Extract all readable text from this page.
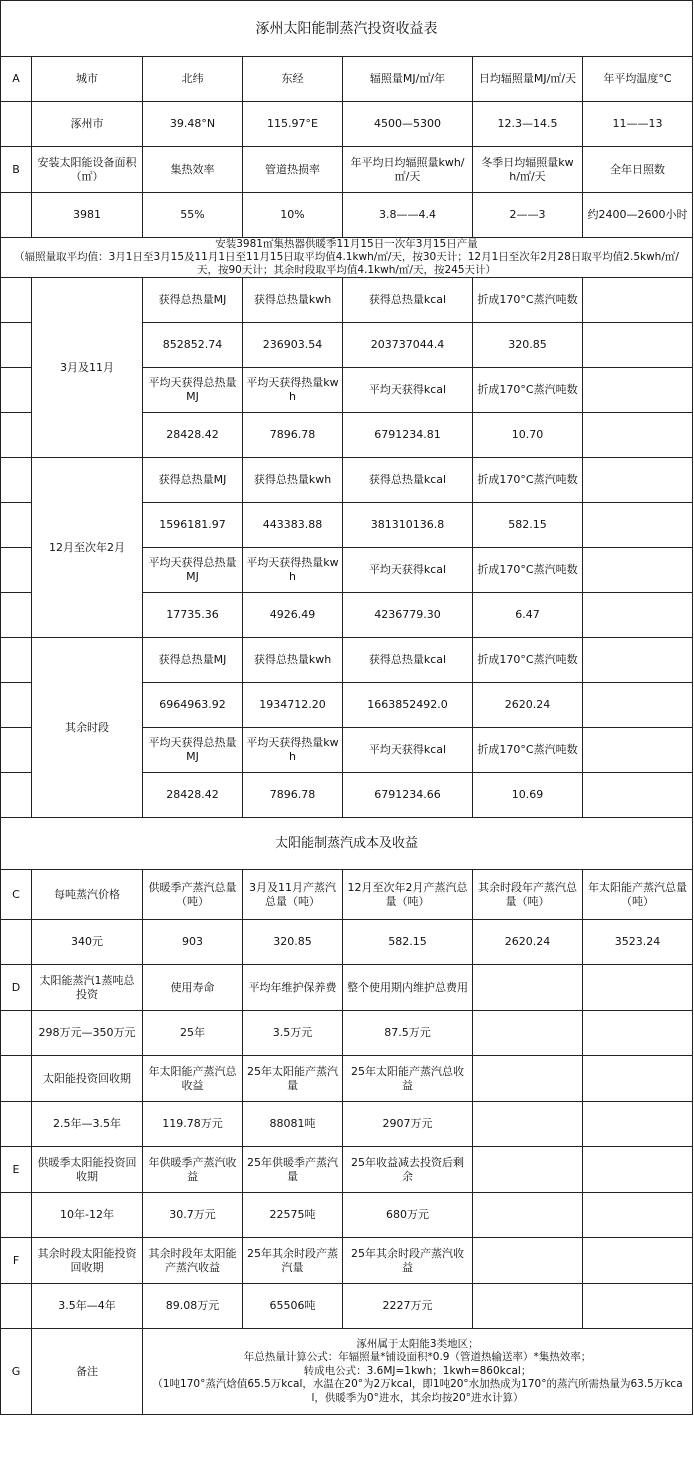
涿州太阳能制蒸汽投资收益表						
A	城市	北纬	东经	辐照量MJ/㎡/年	日均辐照量MJ/㎡/天	年平均温度°C
	涿州市	39.48°N	115.97°E	4500—5300	12.3—14.5	11——13
B	安装太阳能设备面积（㎡）	集热效率	管道热损率	年平均日均辐照量kwh/㎡/天	冬季日均辐照量kwh/㎡/天	全年日照数
	3981	55%	10%	3.8——4.4	2——3	约2400—2600小时

安装3981㎡集热器供暖季11月15日一次年3月15日产量
（辐照量取平均值：3月1日至3月15及11月1日至11月15日取平均值4.1kwh/㎡/天，按30天计；12月1日至次年2月28日取平均值2.5kwh/㎡/天，按90天计；其余时段取平均值4.1kwh/㎡/天，按245天计）						

	3月及11月	获得总热量MJ	获得总热量kwh	获得总热量kcal	折成170°C蒸汽吨数	
		852852.74	236903.54	203737044.4	320.85	
		平均天获得总热量MJ	平均天获得热量kwh	平均天获得kcal	折成170°C蒸汽吨数	
		28428.42	7896.78	6791234.81	10.70	
	12月至次年2月	获得总热量MJ	获得总热量kwh	获得总热量kcal	折成170°C蒸汽吨数	
		1596181.97	443383.88	381310136.8	582.15	
		平均天获得总热量MJ	平均天获得热量kwh	平均天获得kcal	折成170°C蒸汽吨数	
		17735.36	4926.49	4236779.30	6.47	
	其余时段	获得总热量MJ	获得总热量kwh	获得总热量kcal	折成170°C蒸汽吨数	
		6964963.92	1934712.20	1663852492.0	2620.24	
		平均天获得总热量MJ	平均天获得热量kwh	平均天获得kcal	折成170°C蒸汽吨数	
		28428.42	7896.78	6791234.66	10.69	
太阳能制蒸汽成本及收益						
C	每吨蒸汽价格	供暖季产蒸汽总量（吨）	3月及11月产蒸汽总量（吨）	12月至次年2月产蒸汽总量（吨）	其余时段年产蒸汽总量（吨）	年太阳能产蒸汽总量（吨）
	340元	903	320.85	582.15	2620.24	3523.24
D	太阳能蒸汽1蒸吨总投资	使用寿命	平均年维护保养费	整个使用期内维护总费用		
	298万元—350万元	25年	3.5万元	87.5万元		
	太阳能投资回收期	年太阳能产蒸汽总收益	25年太阳能产蒸汽量	25年太阳能产蒸汽总收益		
	2.5年—3.5年	119.78万元	88081吨	2907万元		
E	供暖季太阳能投资回收期	年供暖季产蒸汽收益	25年供暖季产蒸汽量	25年收益减去投资后剩余		
	10年-12年	30.7万元	22575吨	680万元		
F	其余时段太阳能投资回收期	其余时段年太阳能产蒸汽收益	25年其余时段产蒸汽量	25年其余时段产蒸汽收益		
	3.5年—4年	89.08万元	65506吨	2227万元		
G	备注	涿州属于太阳能3类地区；
年总热量计算公式：年辐照量*铺设面积*0.9（管道热输送率）*集热效率；
转成电公式：3.6MJ=1kwh；1kwh=860kcal；
（1吨170°蒸汽焓值65.5万kcal，水温在20°为2万kcal，即1吨20°水加热成为170°的蒸汽所需热量为63.5万kcal，供暖季为0°进水，其余均按20°进水计算）				
